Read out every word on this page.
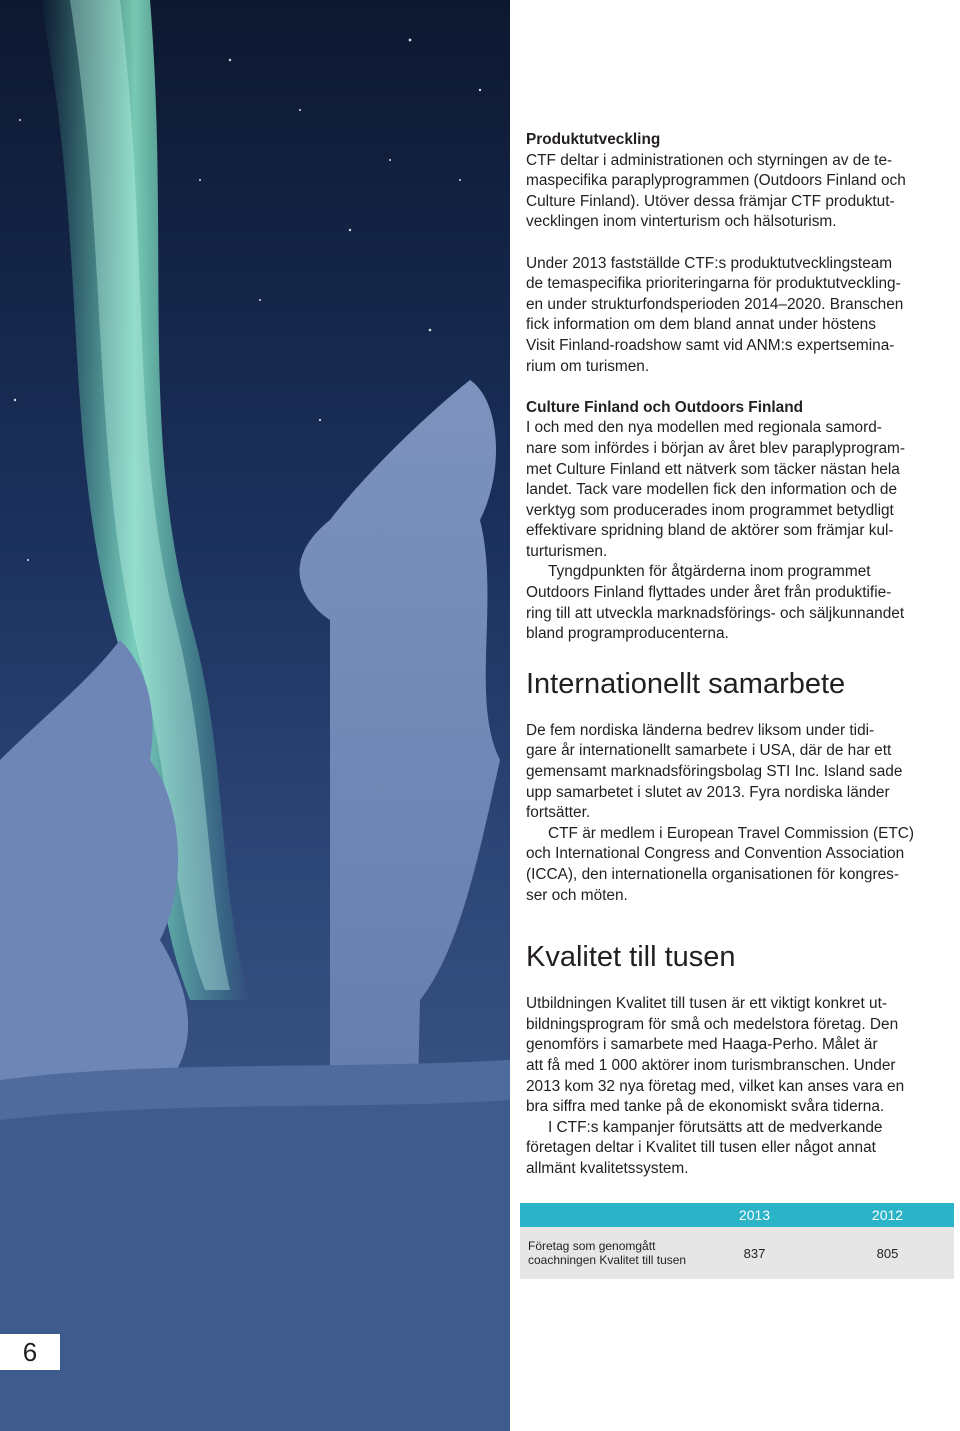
6

Produktutveckling

CTF deltar i administrationen och styrningen av de te-
maspecifika paraplyprogrammen (Outdoors Finland och
Culture Finland). Utöver dessa främjar CTF produktut-
vecklingen inom vinterturism och hälsoturism.

Under 2013 fastställde CTF:s produktutvecklingsteam
de temaspecifika prioriteringarna för produktutveckling-
en under strukturfondsperioden 2014–2020. Branschen
fick information om dem bland annat under höstens
Visit Finland-roadshow samt vid ANM:s expertsemina-
rium om turismen.

Culture Finland och Outdoors Finland

I och med den nya modellen med regionala samord-
nare som infördes i början av året blev paraplyprogram-
met Culture Finland ett nätverk som täcker nästan hela
landet. Tack vare modellen fick den information och de
verktyg som producerades inom programmet betydligt
effektivare spridning bland de aktörer som främjar kul-
turturismen.

Tyngdpunkten för åtgärderna inom programmet
Outdoors Finland flyttades under året från produktifie-
ring till att utveckla marknadsförings- och säljkunnandet
bland programproducenterna.

Internationellt samarbete

De fem nordiska länderna bedrev liksom under tidi-
gare år internationellt samarbete i USA, där de har ett
gemensamt marknadsföringsbolag STI Inc. Island sade
upp samarbetet i slutet av 2013. Fyra nordiska länder
fortsätter.

CTF är medlem i European Travel Commission (ETC)
och International Congress and Convention Association
(ICCA), den internationella organisationen för kongres-
ser och möten.

Kvalitet till tusen

Utbildningen Kvalitet till tusen är ett viktigt konkret ut-
bildningsprogram för små och medelstora företag. Den
genomförs i samarbete med Haaga-Perho. Målet är
att få med 1 000 aktörer inom turismbranschen. Under
2013 kom 32 nya företag med, vilket kan anses vara en
bra siffra med tanke på de ekonomiskt svåra tiderna.

I CTF:s kampanjer förutsätts att de medverkande
företagen deltar i Kvalitet till tusen eller något annat
allmänt kvalitetssystem.

	2013	2012
Företag som genomgått coachningen Kvalitet till tusen	837	805
